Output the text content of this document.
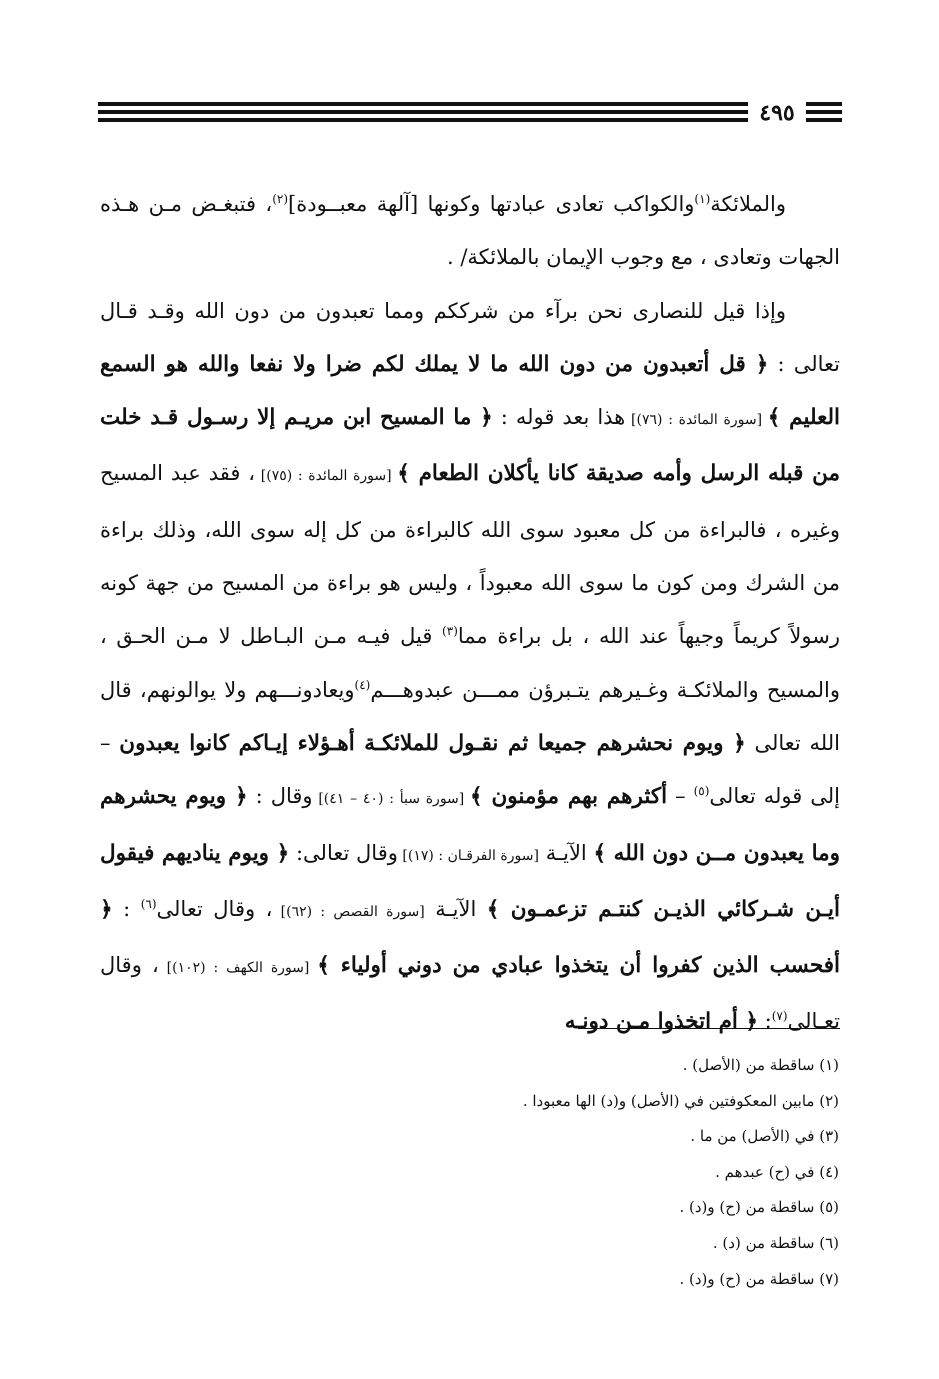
٤٩٥

والملائكة$^{(١)}$والكواكب تعادى عبادتها وكونها [آلهة معبــودة]$^{(٢)}$، فتبغـض مـن هـذه الجهات وتعادى ، مع وجوب الإيمان بالملائكة/ .

وإذا قيل للنصارى نحن برآء من شرككم ومما تعبدون من دون الله وقـد قـال تعالى : ﴿ قل أتعبدون من دون الله ما لا يملك لكم ضرا ولا نفعا والله هو السمع العليم ﴾ [سورة المائدة : (٧٦)] هذا بعد قوله : ﴿ ما المسيح ابن مريـم إلا رسـول قـد خلت من قبله الرسل وأمه صديقة كانا يأكلان الطعام ﴾ [سورة المائدة : (٧٥)] ، فقد عبد المسيح وغيره ، فالبراءة من كل معبود سوى الله كالبراءة من كل إله سوى الله، وذلك براءة من الشرك ومن كون ما سوى الله معبوداً ، وليس هو براءة من المسيح من جهة كونه رسولاً كريماً وجيهاً عند الله ، بل براءة مما$^{(٣)}$ قيل فيـه مـن البـاطل لا مـن الحـق ، والمسيح والملائكـة وغـيرهم يتـبرؤن ممـــن عبدوهـــم$^{(٤)}$ويعادونـــهم ولا يوالونهم، قال الله تعالى ﴿ ويوم نحشرهم جميعا ثم نقـول للملائكـة أهـؤلاء إيـاكم كانوا يعبدون – إلى قوله تعالى$^{(٥)}$ – أكثرهم بهم مؤمنون ﴾ [سورة سبأ : (٤٠ – ٤١)] وقال : ﴿ ويوم يحشرهم وما يعبدون مــن دون الله ﴾ الآيـة [سورة الفرقـان : (١٧)] وقال تعالى: ﴿ ويوم يناديهم فيقول أيـن شـركائي الذيـن كنتـم تزعمـون ﴾ الآيـة [سورة القصص : (٦٢)] ، وقال تعالى$^{(٦)}$ : ﴿ أفحسب الذين كفروا أن يتخذوا عبادي من دوني أولياء ﴾ [سورة الكهف : (١٠٢)] ، وقال تعـالى$^{(٧)}$: ﴿ أم اتخذوا مـن دونـه

(١) ساقطة من (الأصل) .
(٢) مابين المعكوفتين في (الأصل) و(د) الها معبودا .
(٣) في (الأصل) من ما .
(٤) في (ح) عبدهم .
(٥) ساقطة من (ح) و(د) .
(٦) ساقطة من (د) .
(٧) ساقطة من (ح) و(د) .
